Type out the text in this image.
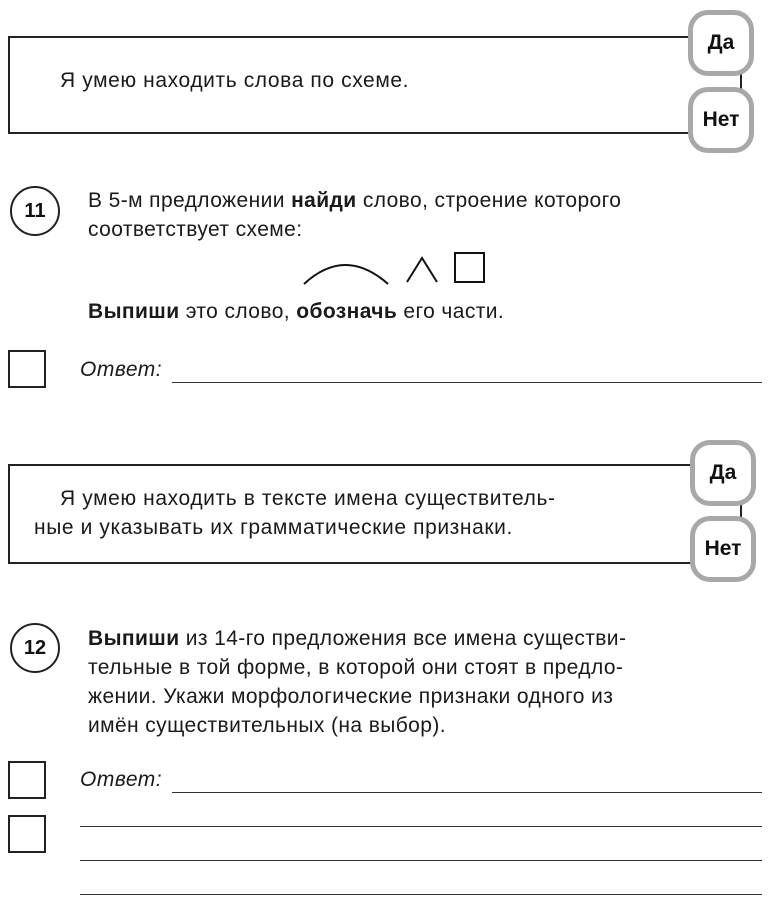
Я умею находить слова по схеме.
Да
Нет
11	В 5-м предложении найди слово, строение которого
соответствует схеме:
Выпиши это слово, обозначь его части.
Ответ:
Я умею находить в тексте имена существитель-
ные и указывать их грамматические признаки.
Да
Нет
12	Выпиши из 14-го предложения все имена существи-
тельные в той форме, в которой они стоят в предло-
жении. Укажи морфологические признаки одного из
имён существительных (на выбор).
Ответ:
